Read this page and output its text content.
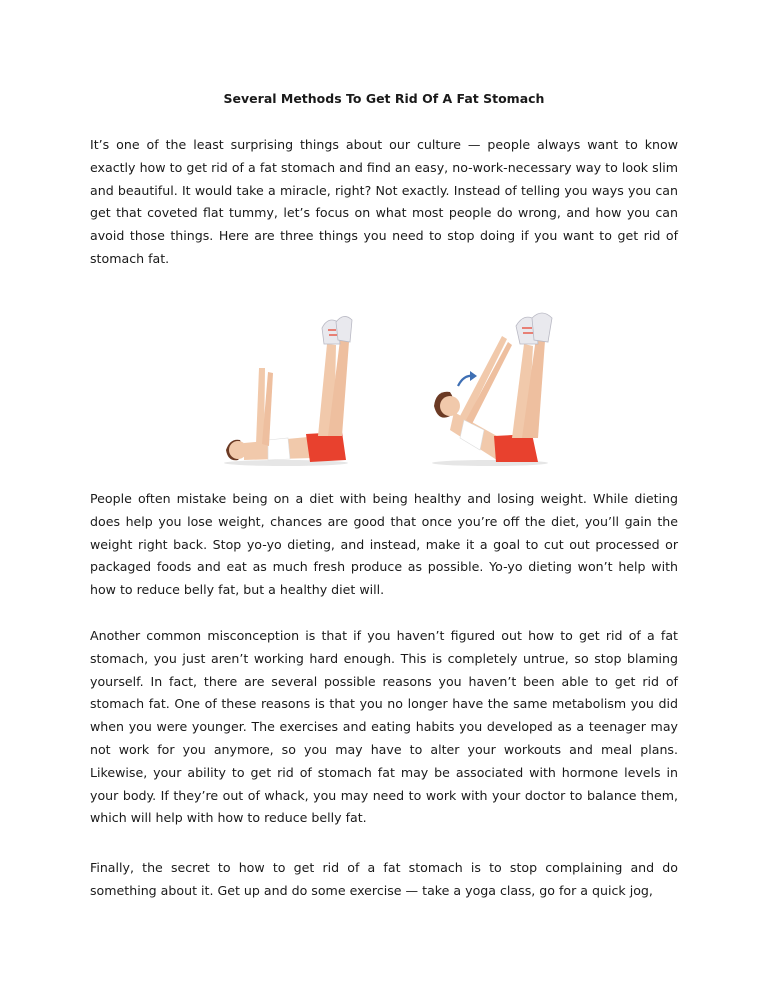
Several Methods To Get Rid Of A Fat Stomach

It’s one of the least surprising things about our culture — people always want to know exactly how to get rid of a fat stomach and find an easy, no-work-necessary way to look slim and beautiful. It would take a miracle, right? Not exactly. Instead of telling you ways you can get that coveted flat tummy, let’s focus on what most people do wrong, and how you can avoid those things. Here are three things you need to stop doing if you want to get rid of stomach fat.

People often mistake being on a diet with being healthy and losing weight. While dieting does help you lose weight, chances are good that once you’re off the diet, you’ll gain the weight right back. Stop yo-yo dieting, and instead, make it a goal to cut out processed or packaged foods and eat as much fresh produce as possible. Yo-yo dieting won’t help with how to reduce belly fat, but a healthy diet will.

Another common misconception is that if you haven’t figured out how to get rid of a fat stomach, you just aren’t working hard enough. This is completely untrue, so stop blaming yourself. In fact, there are several possible reasons you haven’t been able to get rid of stomach fat. One of these reasons is that you no longer have the same metabolism you did when you were younger. The exercises and eating habits you developed as a teenager may not work for you anymore, so you may have to alter your workouts and meal plans. Likewise, your ability to get rid of stomach fat may be associated with hormone levels in your body. If they’re out of whack, you may need to work with your doctor to balance them, which will help with how to reduce belly fat.

Finally, the secret to how to get rid of a fat stomach is to stop complaining and do something about it. Get up and do some exercise — take a yoga class, go for a quick jog,
